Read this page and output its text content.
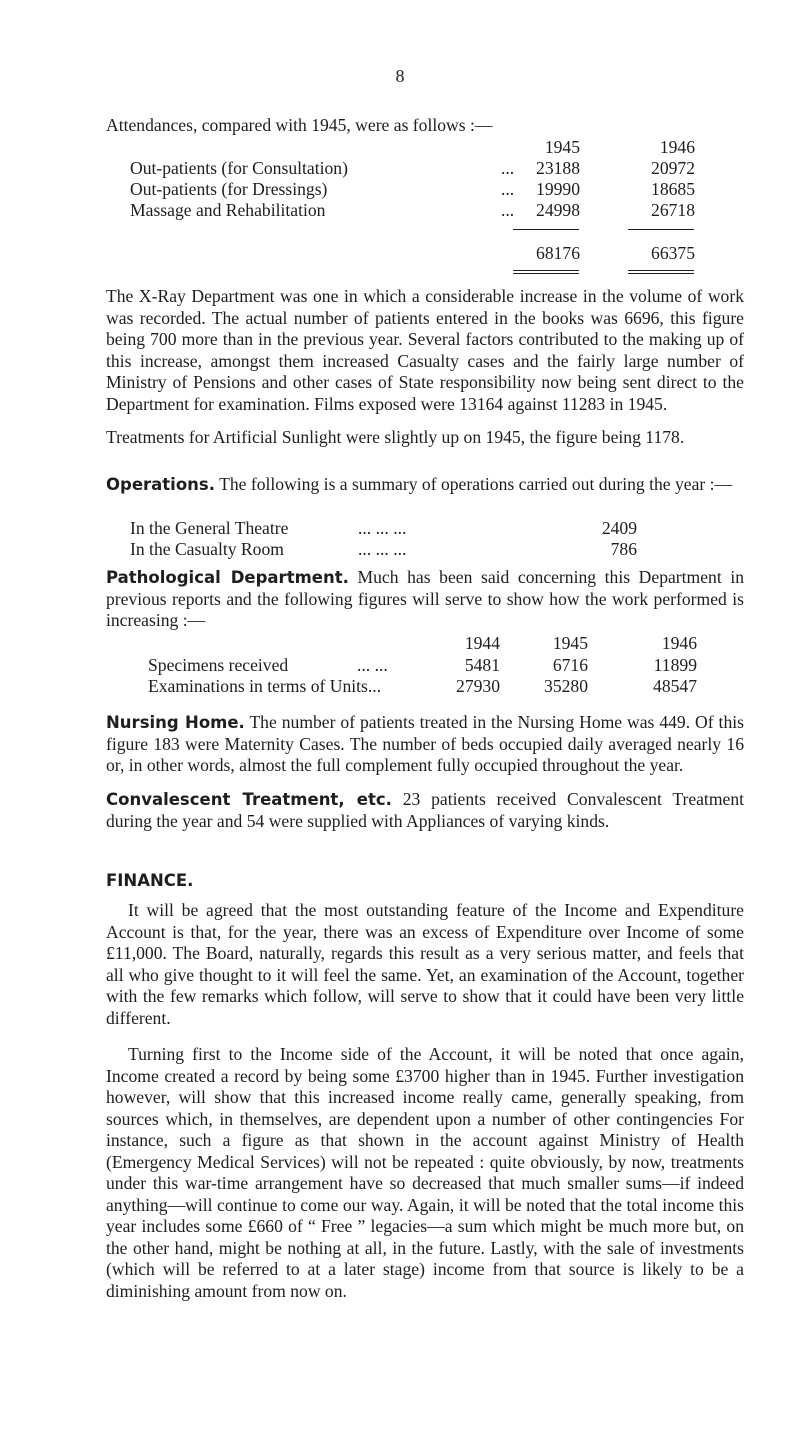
8

Attendances, compared with 1945, were as follows :—

1945	1946
Out-patients (for Consultation)	...	23188	20972
Out-patients (for Dressings)	...	19990	18685
Massage and Rehabilitation	...	24998	26718
68176	66375

The X-Ray Department was one in which a considerable increase in the volume of work was recorded. The actual number of patients entered in the books was 6696, this figure being 700 more than in the previous year. Several factors contributed to the making up of this increase, amongst them increased Casualty cases and the fairly large number of Ministry of Pensions and other cases of State responsibility now being sent direct to the Department for examination. Films exposed were 13164 against 11283 in 1945.

Treatments for Artificial Sunlight were slightly up on 1945, the figure being 1178.

Operations. The following is a summary of operations carried out during the year :—

In the General Theatre	... ... ...	2409
In the Casualty Room	... ... ...	786

Pathological Department. Much has been said concerning this Department in previous reports and the following figures will serve to show how the work performed is increasing :—

1944	1945	1946
Specimens received	... ...	5481	6716	11899
Examinations in terms of Units...	27930	35280	48547

Nursing Home. The number of patients treated in the Nursing Home was 449. Of this figure 183 were Maternity Cases. The number of beds occupied daily averaged nearly 16 or, in other words, almost the full complement fully occupied throughout the year.

Convalescent Treatment, etc. 23 patients received Convalescent Treatment during the year and 54 were supplied with Appliances of varying kinds.

FINANCE.

It will be agreed that the most outstanding feature of the Income and Expenditure Account is that, for the year, there was an excess of Expenditure over Income of some £11,000. The Board, naturally, regards this result as a very serious matter, and feels that all who give thought to it will feel the same. Yet, an examination of the Account, together with the few remarks which follow, will serve to show that it could have been very little different.

Turning first to the Income side of the Account, it will be noted that once again, Income created a record by being some £3700 higher than in 1945. Further investigation however, will show that this increased income really came, generally speaking, from sources which, in themselves, are dependent upon a number of other contingencies For instance, such a figure as that shown in the account against Ministry of Health (Emergency Medical Services) will not be repeated : quite obviously, by now, treatments under this war-time arrangement have so decreased that much smaller sums—if indeed anything—will continue to come our way. Again, it will be noted that the total income this year includes some £660 of “ Free ” legacies—a sum which might be much more but, on the other hand, might be nothing at all, in the future. Lastly, with the sale of investments (which will be referred to at a later stage) income from that source is likely to be a diminishing amount from now on.
